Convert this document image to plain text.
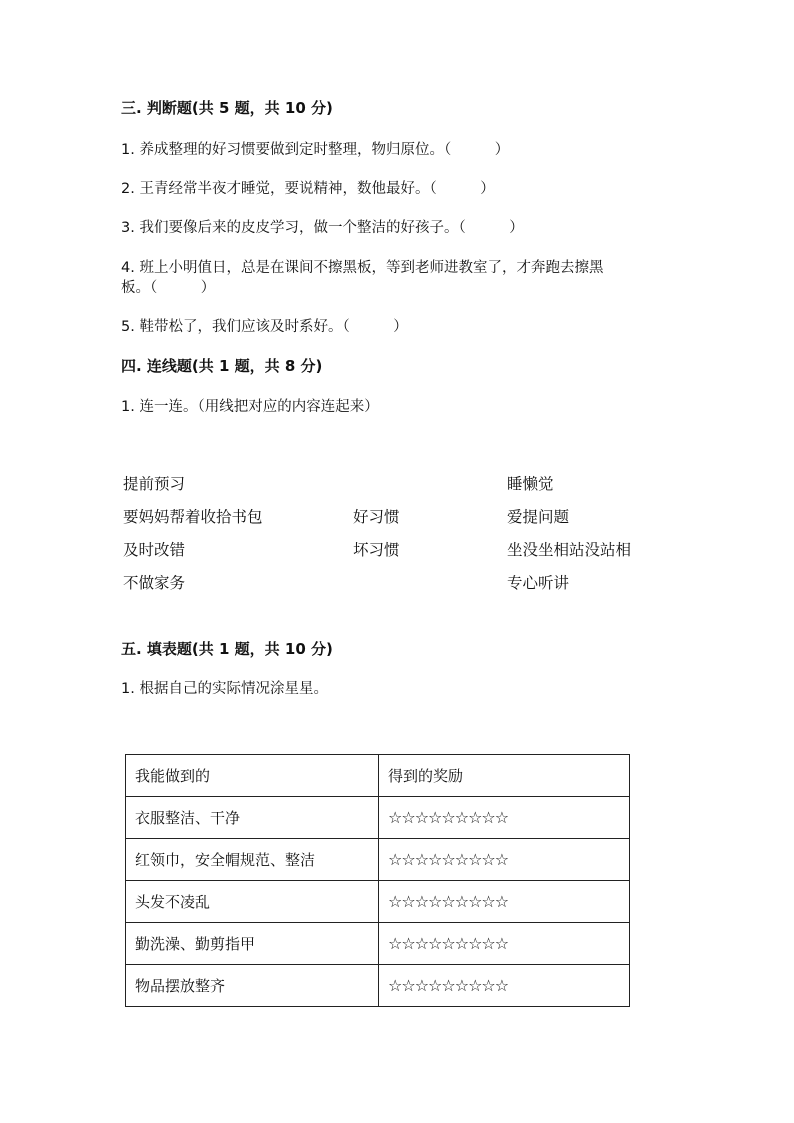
三. 判断题(共 5 题，共 10 分)
1. 养成整理的好习惯要做到定时整理，物归原位。（　　　）
2. 王青经常半夜才睡觉，要说精神，数他最好。（　　　）
3. 我们要像后来的皮皮学习，做一个整洁的好孩子。（　　　）
4. 班上小明值日，总是在课间不擦黑板，等到老师进教室了，才奔跑去擦黑
板。（　　　）
5. 鞋带松了，我们应该及时系好。（　　　）
四. 连线题(共 1 题，共 8 分)
1. 连一连。（用线把对应的内容连起来）
提前预习
要妈妈帮着收拾书包
及时改错
不做家务
好习惯
坏习惯
睡懒觉
爱提问题
坐没坐相站没站相
专心听讲
五. 填表题(共 1 题，共 10 分)
1. 根据自己的实际情况涂星星。
我能做到的	得到的奖励
衣服整洁、干净	☆☆☆☆☆☆☆☆☆
红领巾，安全帽规范、整洁	☆☆☆☆☆☆☆☆☆
头发不凌乱	☆☆☆☆☆☆☆☆☆
勤洗澡、勤剪指甲	☆☆☆☆☆☆☆☆☆
物品摆放整齐	☆☆☆☆☆☆☆☆☆
